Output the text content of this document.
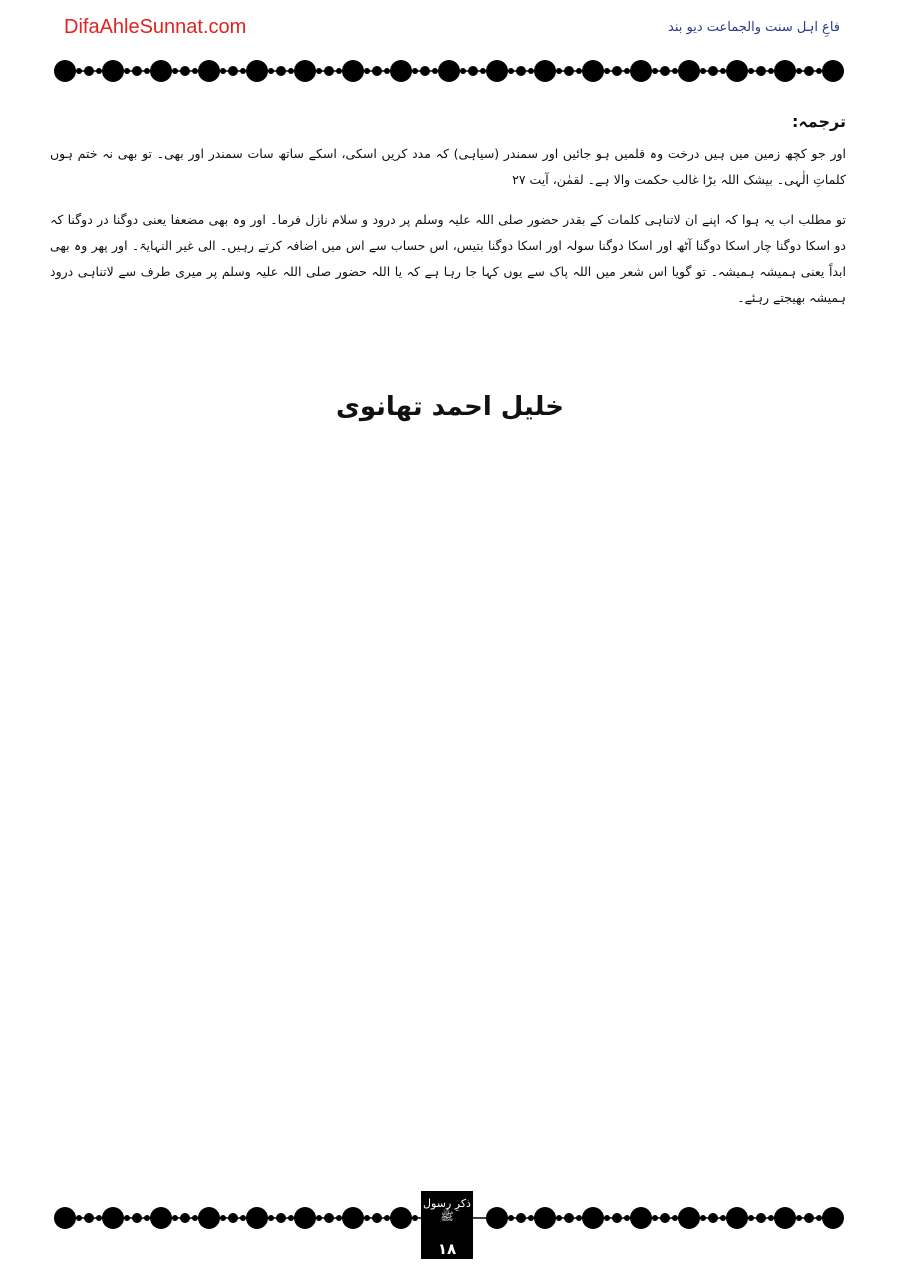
DifaAhleSunnat.com	فاعِ اہل سنت والجماعت دیو بند
ترجمہ:

اور جو کچھ زمین میں ہیں درخت وہ قلمیں ہو جائیں اور سمندر (سیاہی) کہ مدد کریں اسکی، اسکے ساتھ سات سمندر اور بھی۔ تو بھی نہ ختم ہوں کلماتِ الٰہی۔ بیشک اللہ بڑا غالب حکمت والا ہے۔ لقمٰن، آیت ۲۷

تو مطلب اب یہ ہوا کہ اپنے ان لاتناہی کلمات کے بقدر حضور صلی اللہ علیہ وسلم پر درود و سلام نازل فرما۔ اور وہ بھی مضعفا یعنی دوگنا در دوگنا کہ دو اسکا دوگنا چار اسکا دوگنا آٹھ اور اسکا دوگنا سولہ اور اسکا دوگنا بتیس، اس حساب سے اس میں اضافہ کرتے رہیں۔ الی غیر النہایۃ۔ اور پھر وہ بھی ابداً یعنی ہمیشہ ہمیشہ۔ تو گویا اس شعر میں اللہ پاک سے یوں کہا جا رہا ہے کہ یا اللہ حضور صلی اللہ علیہ وسلم پر میری طرف سے لاتناہی درود ہمیشہ بھیجتے رہئے۔

خلیل احمد تھانوی
ذکرِ رسول ﷺ
۱۸
